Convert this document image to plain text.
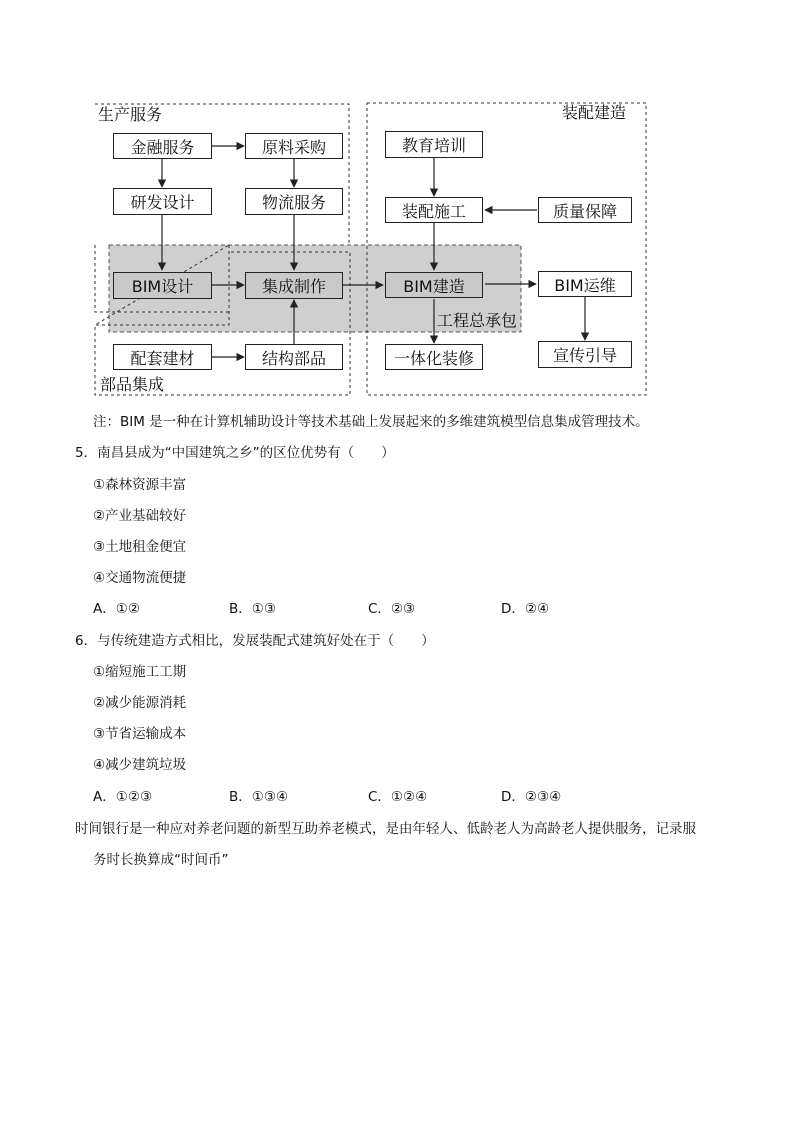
生产服务	装配建造
部品集成
工程总承包
金融服务	原料采购
研发设计	物流服务
BIM设计	集成制作
配套建材	结构部品
教育培训
装配施工	质量保障
BIM建造	BIM运维
一体化装修	宣传引导
注：BIM 是一种在计算机辅助设计等技术基础上发展起来的多维建筑模型信息集成管理技术。
5．南昌县成为“中国建筑之乡”的区位优势有（　　）
①森林资源丰富
②产业基础较好
③土地租金便宜
④交通物流便捷
A．①②	B．①③	C．②③	D．②④
6．与传统建造方式相比，发展装配式建筑好处在于（　　）
①缩短施工工期
②减少能源消耗
③节省运输成本
④减少建筑垃圾
A．①②③	B．①③④	C．①②④	D．②③④
时间银行是一种应对养老问题的新型互助养老模式，是由年轻人、低龄老人为高龄老人提供服务，记录服
务时长换算成“时间币”
